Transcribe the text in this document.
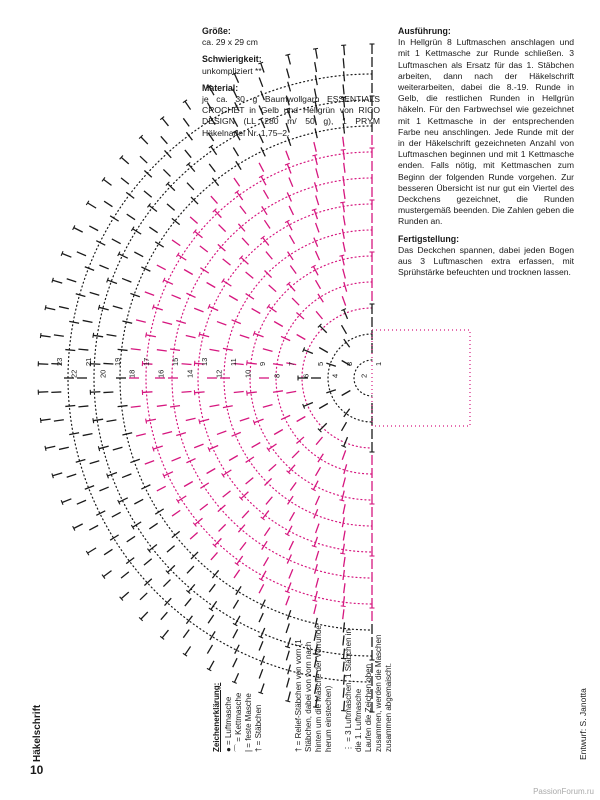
23
22
21
20
19
18
17
16
15
14
13
12
11
10
9
8
7
6
5
4
3
2
1
10
Häkelschrift
Größe:

ca. 29 x 29 cm

Schwierigkeit:

unkompliziert **

Material:

je ca. 30 g Baumwollgarn ESSENTIALS CROCHET in Gelb und Hellgrün von RICO DESIGN (LL 280 m/ 50 g), 1 PRYM Häkelnadel Nr. 1,75–2.

Ausführung:

In Hellgrün 8 Luftmaschen anschlagen und mit 1 Kettmasche zur Runde schließen. 3 Luftmaschen als Ersatz für das 1. Stäbchen arbeiten, dann nach der Häkelschrift weiterarbeiten, dabei die 8.-19. Runde in Gelb, die restlichen Runden in Hellgrün häkeln. Für den Farbwechsel wie gezeichnet mit 1 Kettmasche in der entsprechenden Farbe neu anschlingen. Jede Runde mit der in der Häkelschrift gezeichneten Anzahl von Luftmaschen beginnen und mit 1 Kettmasche enden. Falls nötig, mit Kettmaschen zum Beginn der folgenden Runde vorgehen. Zur besseren Übersicht ist nur gut ein Viertel des Deckchens gezeichnet, die Runden mustergemäß beenden. Die Zahlen geben die Runden an.

Fertigstellung:

Das Deckchen spannen, dabei jeden Bogen aus 3 Luftmaschen extra erfassen, mit Sprühstärke befeuchten und trocknen lassen.

Zeichenerklärung: ● = Luftmasche ⌒ = Kettmasche | = feste Masche † = Stäbchen	† = Relief-Stäbchen von vorn (1 Stäbchen, dabei von vorn nach hinten um die Masche der Vorrunde herum einstechen) ⋮ = 3 Luftmaschen, 1 Stäbchen in die 1. Luftmasche Laufen die Zeichen oben zusammen, werden die Maschen zusammen abgemaischt.	Entwurf: S. Janotta
PassionForum.ru
